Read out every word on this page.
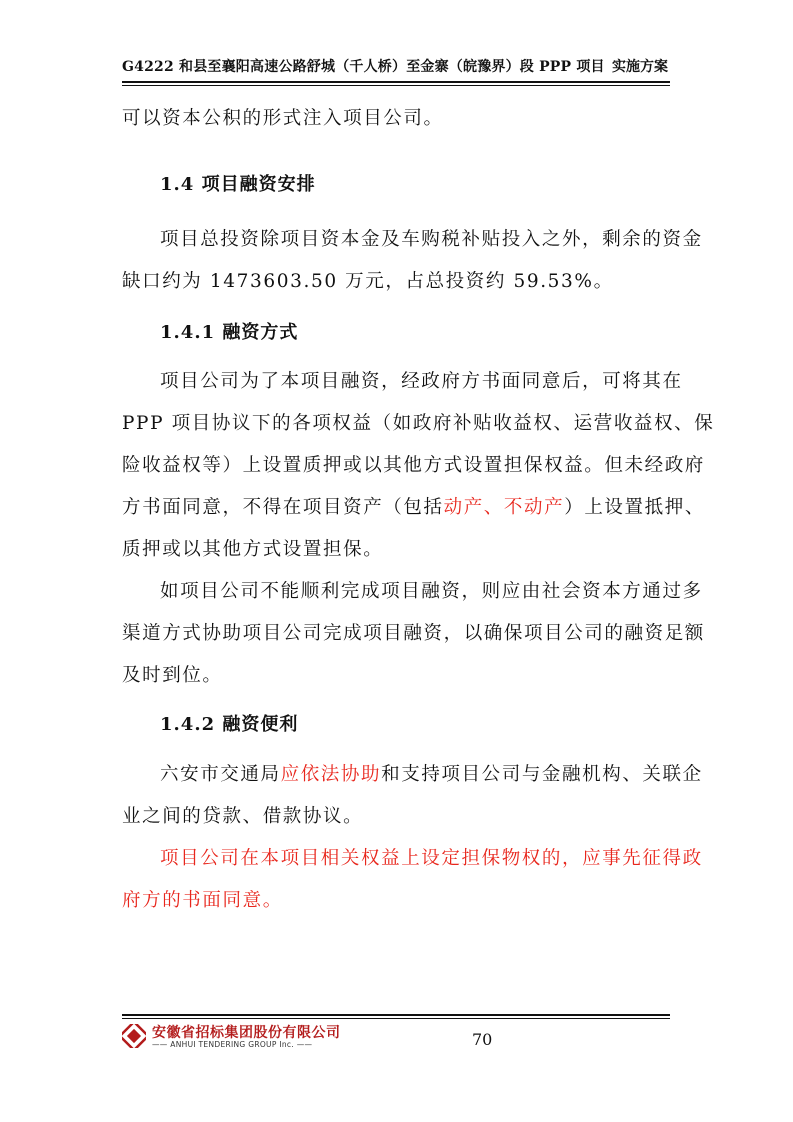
G4222 和县至襄阳高速公路舒城（千人桥）至金寨（皖豫界）段 PPP 项目 实施方案
可以资本公积的形式注入项目公司。
1.4 项目融资安排
项目总投资除项目资本金及车购税补贴投入之外，剩余的资金
缺口约为 1473603.50 万元，占总投资约 59.53%。
1.4.1 融资方式
项目公司为了本项目融资，经政府方书面同意后，可将其在
PPP 项目协议下的各项权益（如政府补贴收益权、运营收益权、保
险收益权等）上设置质押或以其他方式设置担保权益。但未经政府
方书面同意，不得在项目资产（包括动产、不动产）上设置抵押、
质押或以其他方式设置担保。
如项目公司不能顺利完成项目融资，则应由社会资本方通过多
渠道方式协助项目公司完成项目融资，以确保项目公司的融资足额
及时到位。
1.4.2 融资便利
六安市交通局应依法协助和支持项目公司与金融机构、关联企
业之间的贷款、借款协议。
项目公司在本项目相关权益上设定担保物权的，应事先征得政
府方的书面同意。
安徽省招标集团股份有限公司
—— ANHUI TENDERING GROUP Inc. ——	70
